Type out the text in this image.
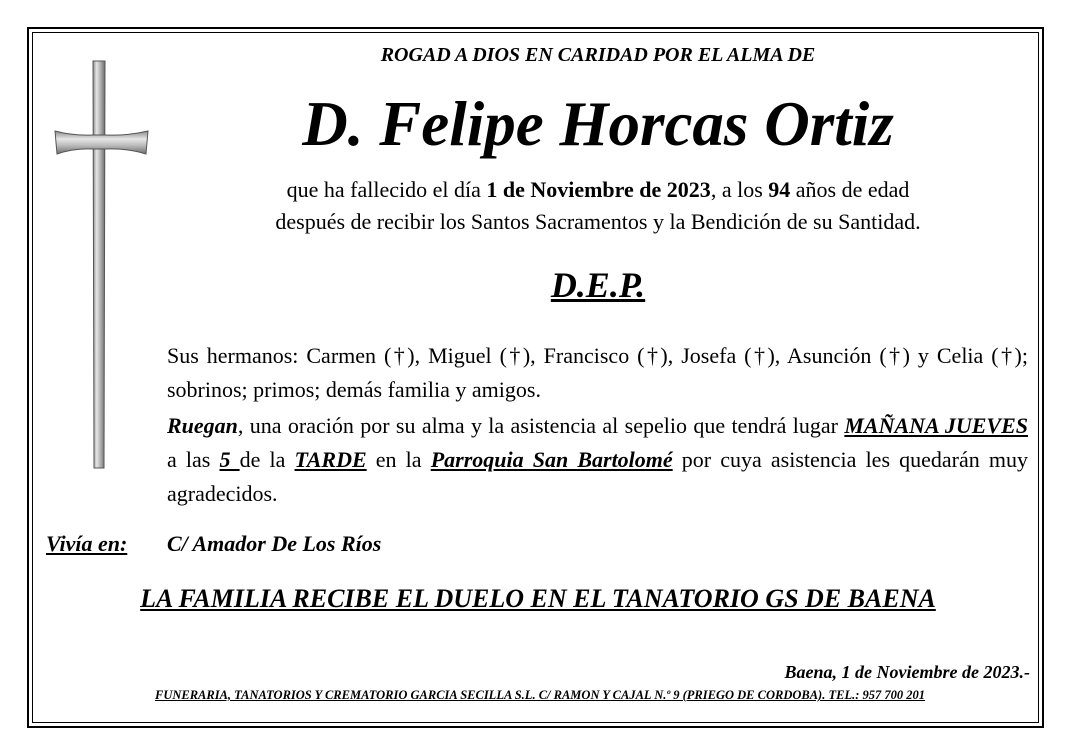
ROGAD A DIOS EN CARIDAD POR EL ALMA DE
D. Felipe Horcas Ortiz
que ha fallecido el día 1 de Noviembre de 2023, a los 94 años de edad
después de recibir los Santos Sacramentos y la Bendición de su Santidad.
D.E.P.
Sus hermanos: Carmen (†), Miguel (†), Francisco (†), Josefa (†), Asunción (†) y Celia (†); sobrinos; primos; demás familia y amigos.
Ruegan, una oración por su alma y la asistencia al sepelio que tendrá lugar MAÑANA JUEVES a las 5 de la TARDE en la Parroquia San Bartolomé por cuya asistencia les quedarán muy agradecidos.
Vivía en: C/ Amador De Los Ríos
LA FAMILIA RECIBE EL DUELO EN EL TANATORIO GS DE BAENA
Baena, 1 de Noviembre de 2023.-
FUNERARIA, TANATORIOS Y CREMATORIO GARCIA SECILLA S.L. C/ RAMON Y CAJAL N.º 9 (PRIEGO DE CORDOBA). TEL.: 957 700 201
